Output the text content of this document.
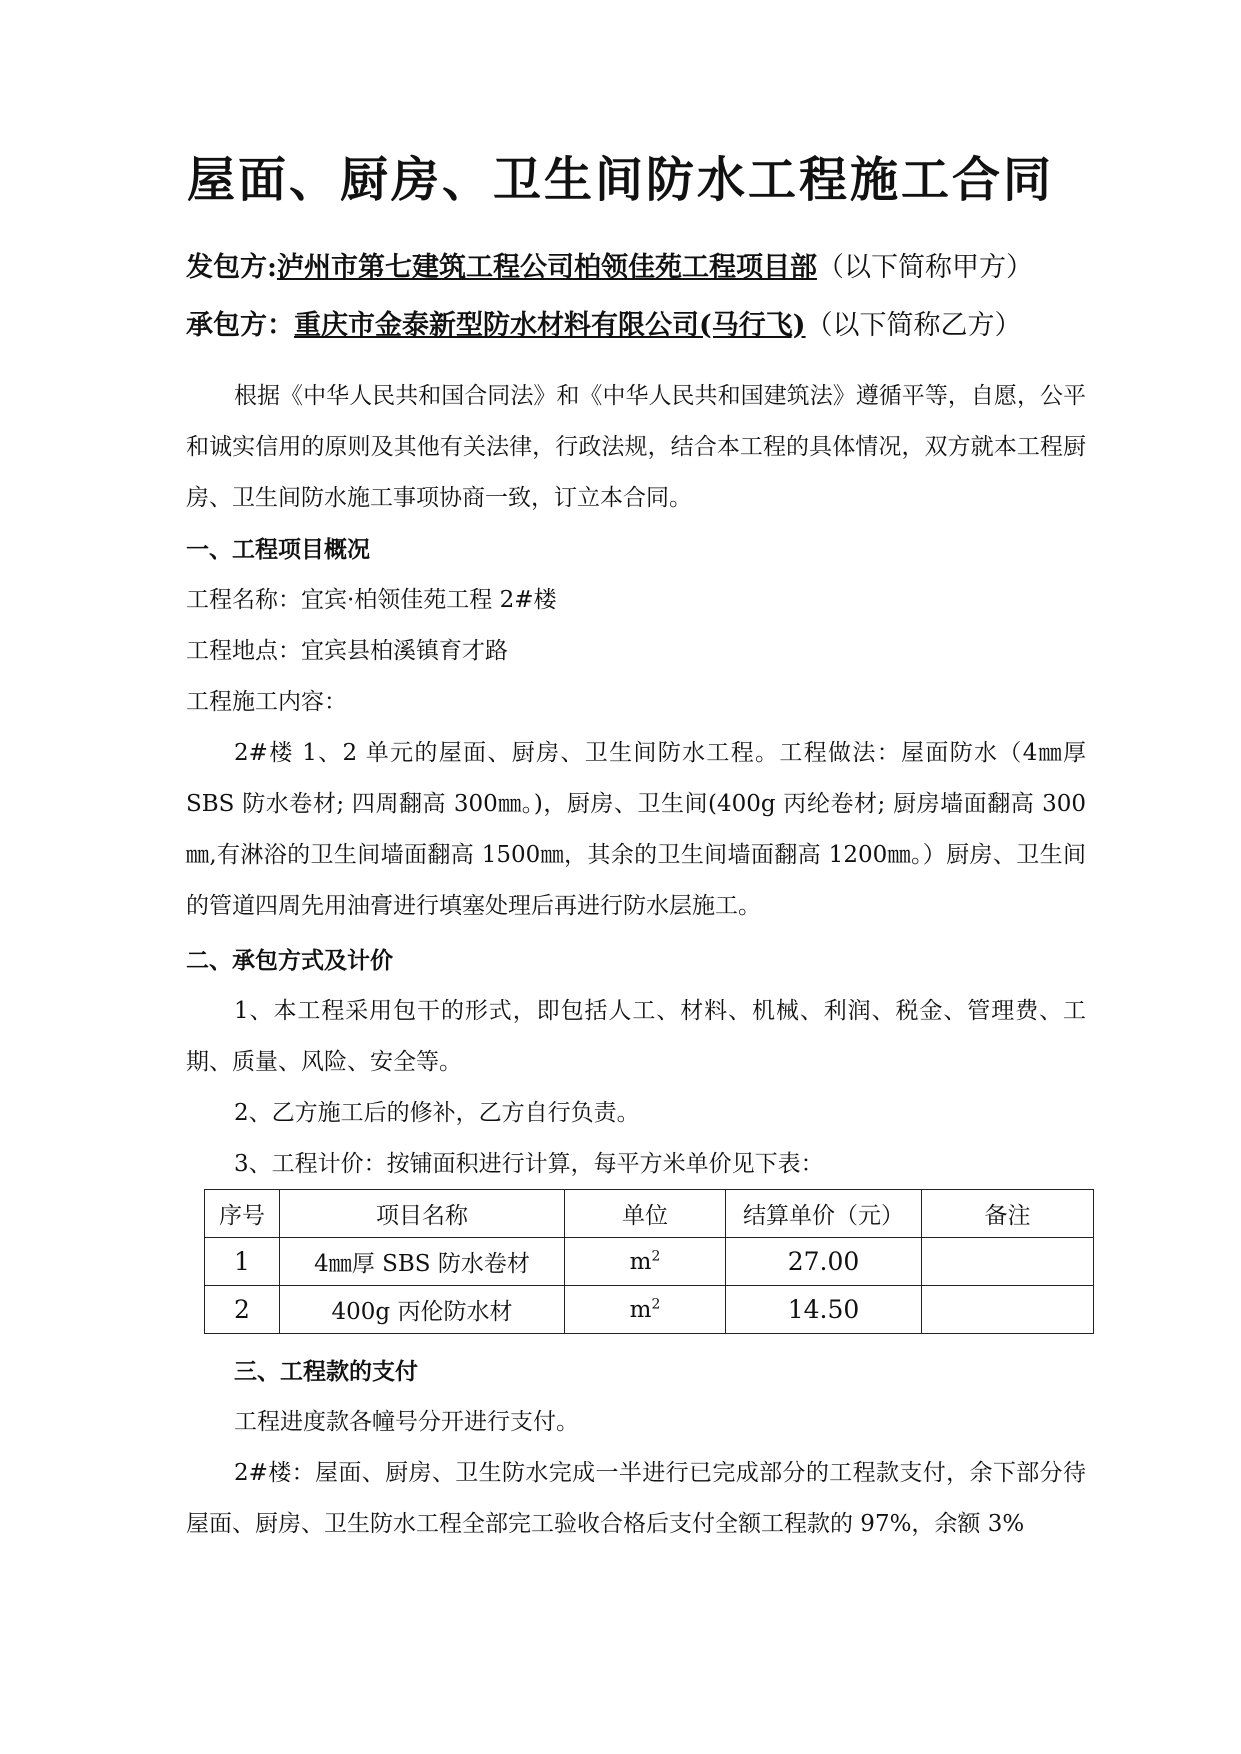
屋面、厨房、卫生间防水工程施工合同
发包方:泸州市第七建筑工程公司柏领佳苑工程项目部（以下简称甲方）
承包方：重庆市金泰新型防水材料有限公司(马行飞)（以下简称乙方）
根据《中华人民共和国合同法》和《中华人民共和国建筑法》遵循平等，自愿，公平和诚实信用的原则及其他有关法律，行政法规，结合本工程的具体情况，双方就本工程厨房、卫生间防水施工事项协商一致，订立本合同。
一、工程项目概况
工程名称：宜宾·柏领佳苑工程 2#楼
工程地点：宜宾县柏溪镇育才路
工程施工内容：
2#楼 1、2 单元的屋面、厨房、卫生间防水工程。工程做法：屋面防水（4㎜厚 SBS 防水卷材; 四周翻高 300㎜。)，厨房、卫生间(400g 丙纶卷材; 厨房墙面翻高 300㎜,有淋浴的卫生间墙面翻高 1500㎜，其余的卫生间墙面翻高 1200㎜。）厨房、卫生间的管道四周先用油膏进行填塞处理后再进行防水层施工。
二、承包方式及计价
1、本工程采用包干的形式，即包括人工、材料、机械、利润、税金、管理费、工期、质量、风险、安全等。
2、乙方施工后的修补，乙方自行负责。
3、工程计价：按铺面积进行计算，每平方米单价见下表：
序号	项目名称	单位	结算单价（元）	备注
1	4㎜厚 SBS 防水卷材	$m^2$	27.00	
2	400g 丙伦防水材	$m^2$	14.50	
三、工程款的支付
工程进度款各幢号分开进行支付。
2#楼：屋面、厨房、卫生防水完成一半进行已完成部分的工程款支付，余下部分待屋面、厨房、卫生防水工程全部完工验收合格后支付全额工程款的 97%，余额 3%
